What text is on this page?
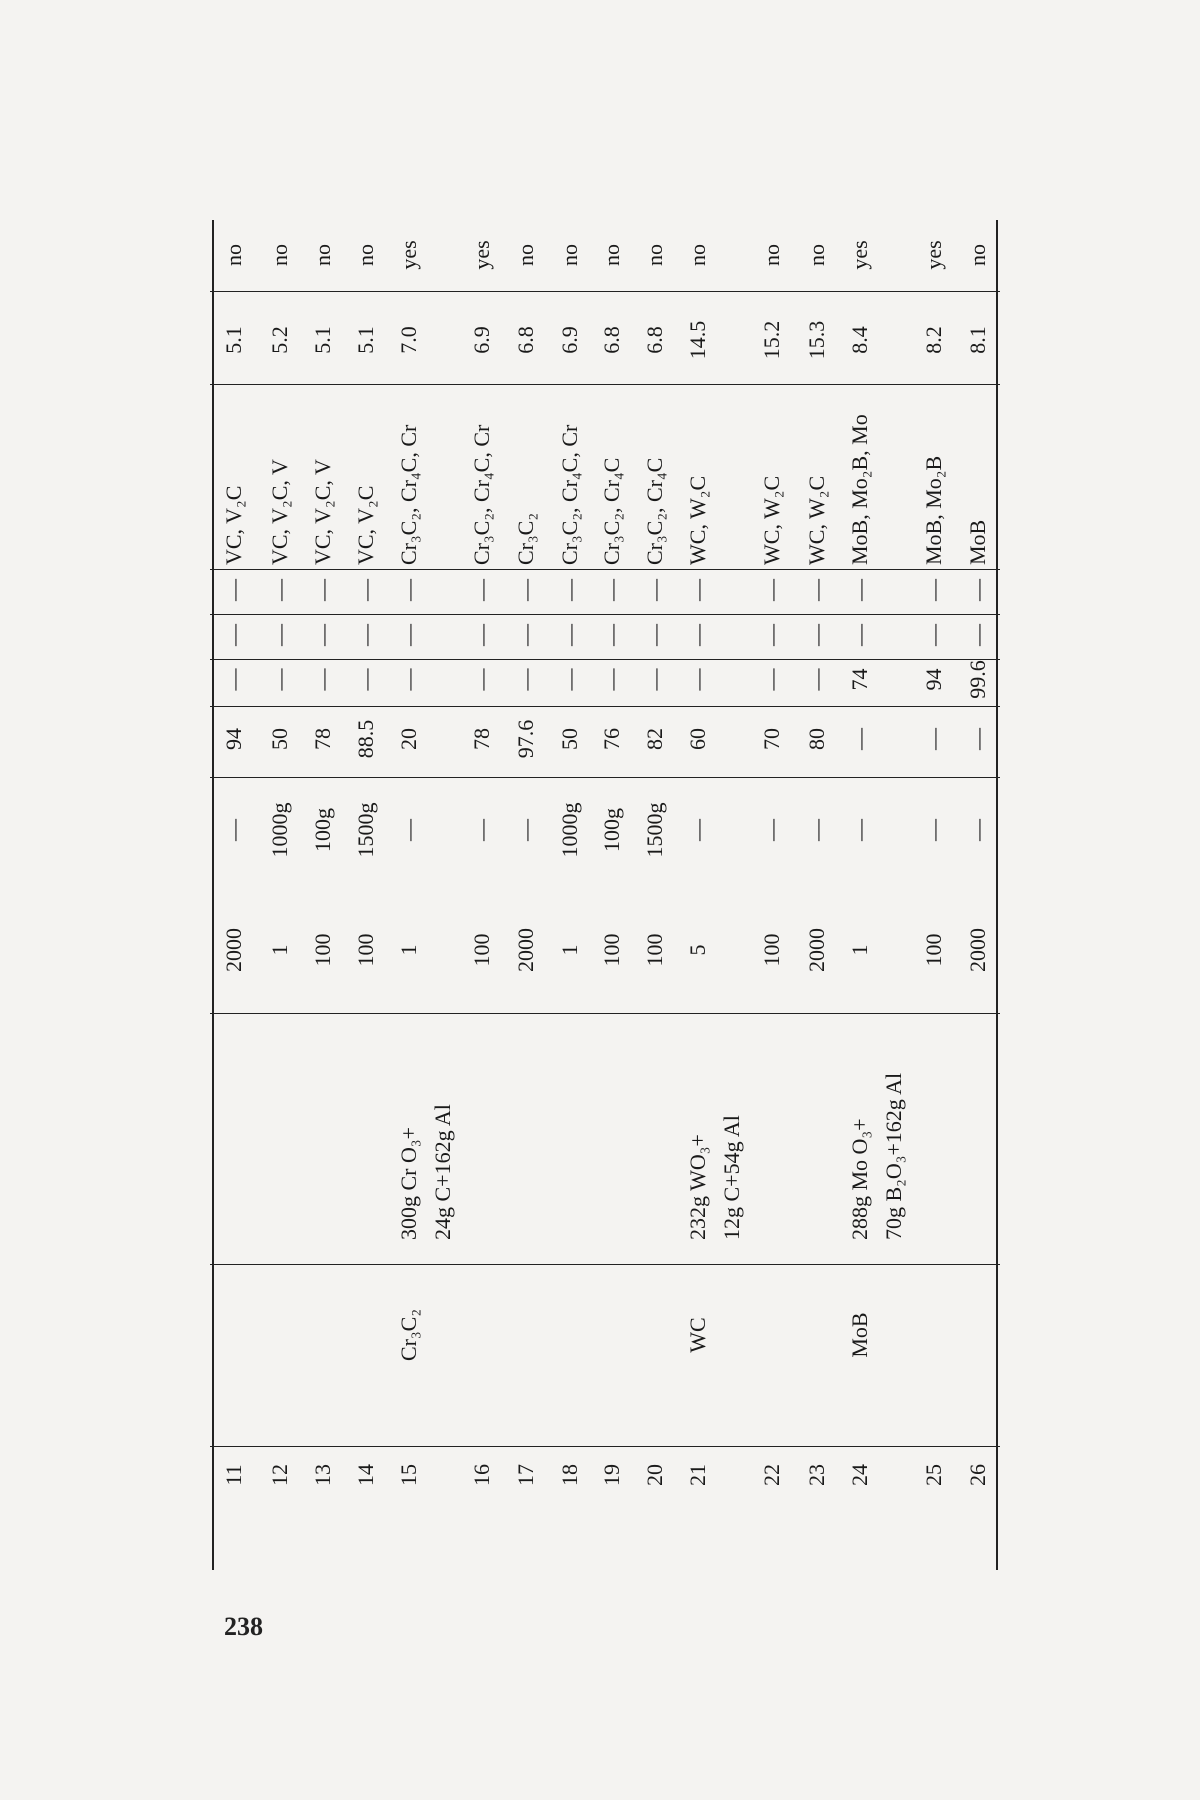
11
2000
—
94
—
—
—
VC, V₂C
5.1
no
12
1
1000g
50
—
—
—
VC, V₂C, V
5.2
no
13
100
100g
78
—
—
—
VC, V₂C, V
5.1
no
14
100
1500g
88.5
—
—
—
VC, V₂C
5.1
no
15
Cr₃C₂
300g Cr O₃+ 24g C+162g Al
1
—
20
—
—
—
Cr₃C₂, Cr₄C, Cr
7.0
yes
16
100
—
78
—
—
—
Cr₃C₂, Cr₄C, Cr
6.9
yes
17
2000
—
97.6
—
—
—
Cr₃C₂
6.8
no
18
1
1000g
50
—
—
—
Cr₃C₂, Cr₄C, Cr
6.9
no
19
100
100g
76
—
—
—
Cr₃C₂, Cr₄C
6.8
no
20
100
1500g
82
—
—
—
Cr₃C₂, Cr₄C
6.8
no
21
WC
232g WO₃+ 12g C+54g Al
5
—
60
—
—
—
WC, W₂C
14.5
no
22
100
—
70
—
—
—
WC, W₂C
15.2
no
23
2000
—
80
—
—
—
WC, W₂C
15.3
no
24
MoB
288g Mo O₃+ 70g B₂O₃+162g Al
1
—
—
74
—
—
MoB, Mo₂B, Mo
8.4
yes
25
100
—
—
94
—
—
MoB, Mo₂B
8.2
yes
26
2000
—
—
99.6
—
—
MoB
8.1
no
238
